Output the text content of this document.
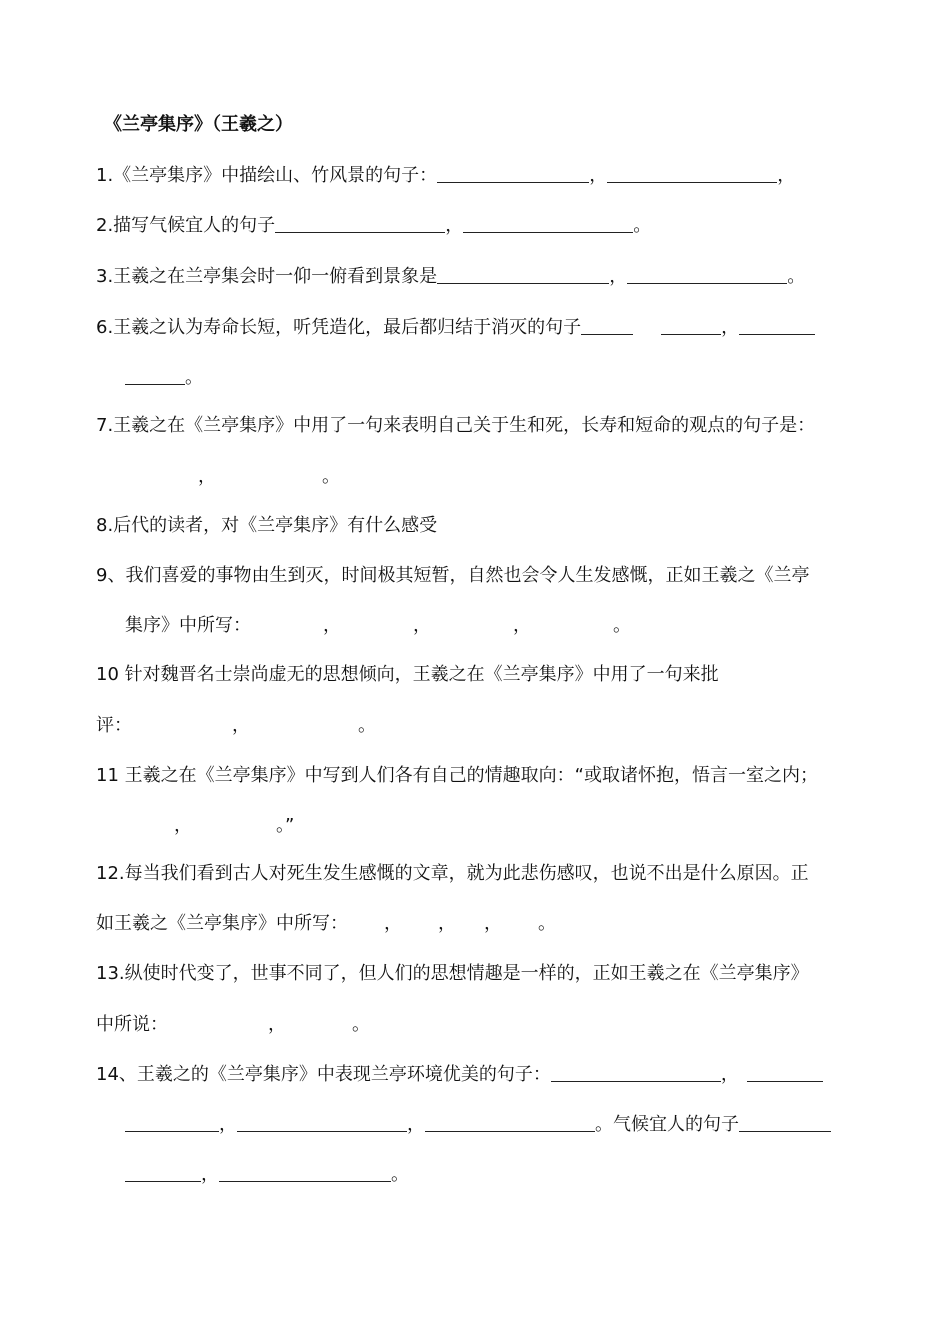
《兰亭集序》（王羲之）
1.《兰亭集序》中描绘山、竹风景的句子：	，	，
2.描写气候宜人的句子	，	。
3.王羲之在兰亭集会时一仰一俯看到景象是	，	。
6.王羲之认为寿命长短，听凭造化，最后都归结于消灭的句子	，
。
7.王羲之在《兰亭集序》中用了一句来表明自己关于生和死，长寿和短命的观点的句子是：
，	。
8.后代的读者，对《兰亭集序》有什么感受
9、我们喜爱的事物由生到灭，时间极其短暂，自然也会令人生发感慨，正如王羲之《兰亭
集序》中所写：	，	，	，	。
10 针对魏晋名士崇尚虚无的思想倾向，王羲之在《兰亭集序》中用了一句来批
评：	，	。
11 王羲之在《兰亭集序》中写到人们各有自己的情趣取向：“或取诸怀抱，悟言一室之内；
，	。”
12.每当我们看到古人对死生发生感慨的文章，就为此悲伤感叹，也说不出是什么原因。正
如王羲之《兰亭集序》中所写： ， ， ， 。
13.纵使时代变了，世事不同了，但人们的思想情趣是一样的，正如王羲之在《兰亭集序》
中所说：	，	。
14、王羲之的《兰亭集序》中表现兰亭环境优美的句子：	，
，	，	。气候宜人的句子
，	。
